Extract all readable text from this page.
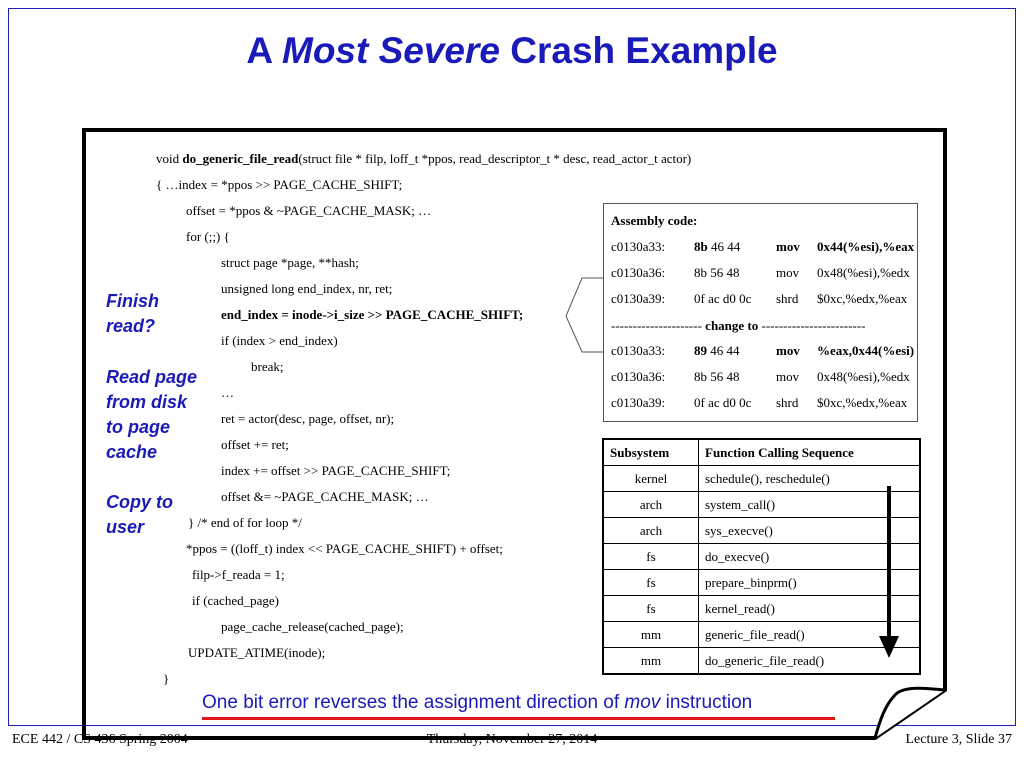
A Most Severe Crash Example
void do_generic_file_read(struct file * filp, loff_t *ppos, read_descriptor_t * desc, read_actor_t actor)
{ …index = *ppos >> PAGE_CACHE_SHIFT;
offset = *ppos & ~PAGE_CACHE_MASK; …
for (;;) {
struct page *page, **hash;
unsigned long end_index, nr, ret;
end_index = inode->i_size >> PAGE_CACHE_SHIFT;
if (index > end_index)
break;
…
ret = actor(desc, page, offset, nr);
offset += ret;
index += offset >> PAGE_CACHE_SHIFT;
offset &= ~PAGE_CACHE_MASK; …
} /* end of for loop */
*ppos = ((loff_t) index << PAGE_CACHE_SHIFT) + offset;
filp->f_reada = 1;
if (cached_page)
page_cache_release(cached_page);
UPDATE_ATIME(inode);
}
Finish
read?
Read page
from disk
to page
cache
Copy to
user
Assembly code:
c0130a33: 8b 46 44	mov 0x44(%esi),%eax
c0130a36: 8b 56 48	mov 0x48(%esi),%edx
c0130a39: 0f ac d0 0c shrd $0xc,%edx,%eax
--------------------- change to ------------------------
c0130a33: 89 46 44	mov %eax,0x44(%esi)
c0130a36: 8b 56 48	mov 0x48(%esi),%edx
c0130a39: 0f ac d0 0c shrd $0xc,%edx,%eax
Subsystem	Function Calling Sequence
kernel	schedule(), reschedule()
arch	system_call()
arch	sys_execve()
fs	do_execve()
fs	prepare_binprm()
fs	kernel_read()
mm	generic_file_read()
mm	do_generic_file_read()
One bit error reverses the assignment direction of mov instruction
ECE 442 / CS 436 Spring 2004	Thursday, November 27, 2014	Lecture 3, Slide 37
